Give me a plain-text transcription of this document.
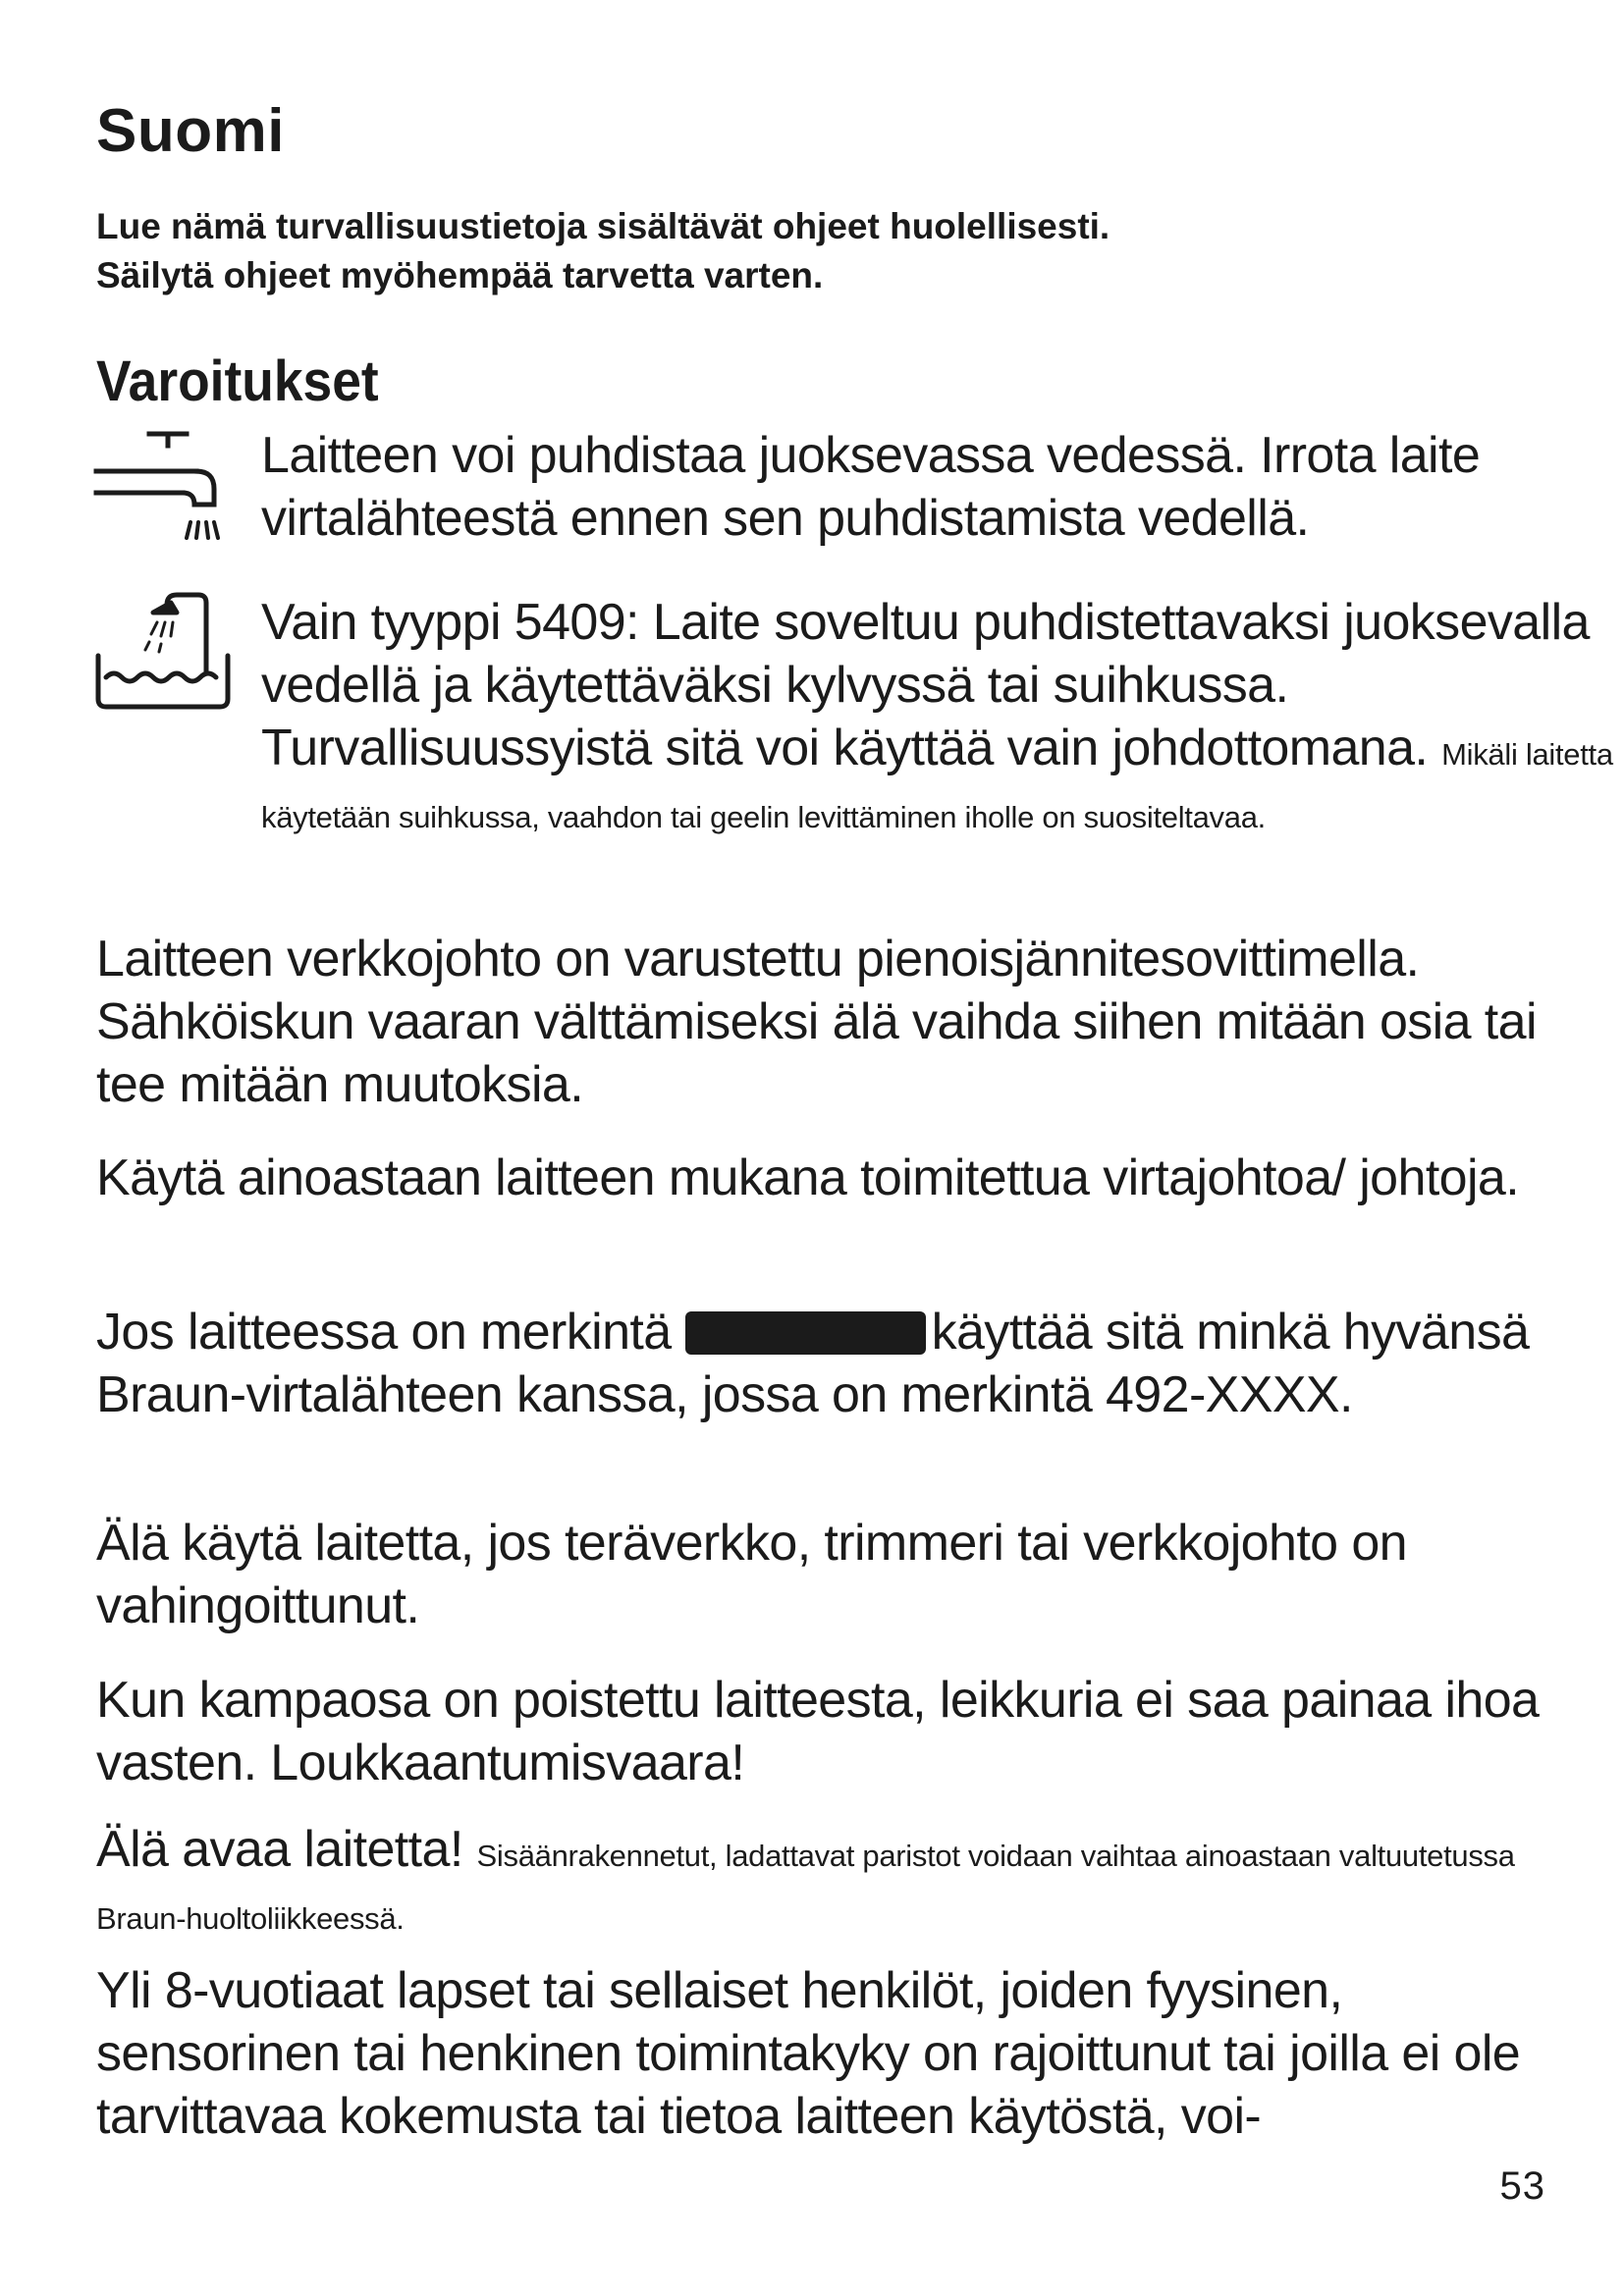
Suomi
Lue nämä turvallisuustietoja sisältävät ohjeet huolellisesti.
Säilytä ohjeet myöhempää tarvetta varten.
Varoitukset
Laitteen voi puhdistaa juoksevassa vedessä. Irrota laite virtalähteestä ennen sen puhdistamista vedellä.
Vain tyyppi 5409: Laite soveltuu puhdistettavaksi juoksevalla vedellä ja käytettäväksi kylvyssä tai suihkussa. Turvallisuussyistä sitä voi käyttää vain johdottomana. Mikäli laitetta käytetään suihkussa, vaahdon tai geelin levittäminen iholle on suositeltavaa.

Laitteen verkkojohto on varustettu pienoisjännitesovittimella. Sähköiskun vaaran välttämiseksi älä vaihda siihen mitään osia tai tee mitään muutoksia.

Käytä ainoastaan laitteen mukana toimitettua virtajohtoa/ johtoja.

Jos laitteessa on merkintä	käyttää sitä minkä hyvänsä Braun-virtalähteen kanssa, jossa on merkintä 492-XXXX.

Älä käytä laitetta, jos teräverkko, trimmeri tai verkkojohto on vahingoittunut.

Kun kampaosa on poistettu laitteesta, leikkuria ei saa painaa ihoa vasten. Loukkaantumisvaara!

Älä avaa laitetta! Sisäänrakennetut, ladattavat paristot voidaan vaihtaa ainoastaan valtuutetussa Braun-huoltoliikkeessä.

Yli 8-vuotiaat lapset tai sellaiset henkilöt, joiden fyysinen, sensorinen tai henkinen toimintakyky on rajoittunut tai joilla ei ole tarvittavaa kokemusta tai tietoa laitteen käytöstä, voi-

53
